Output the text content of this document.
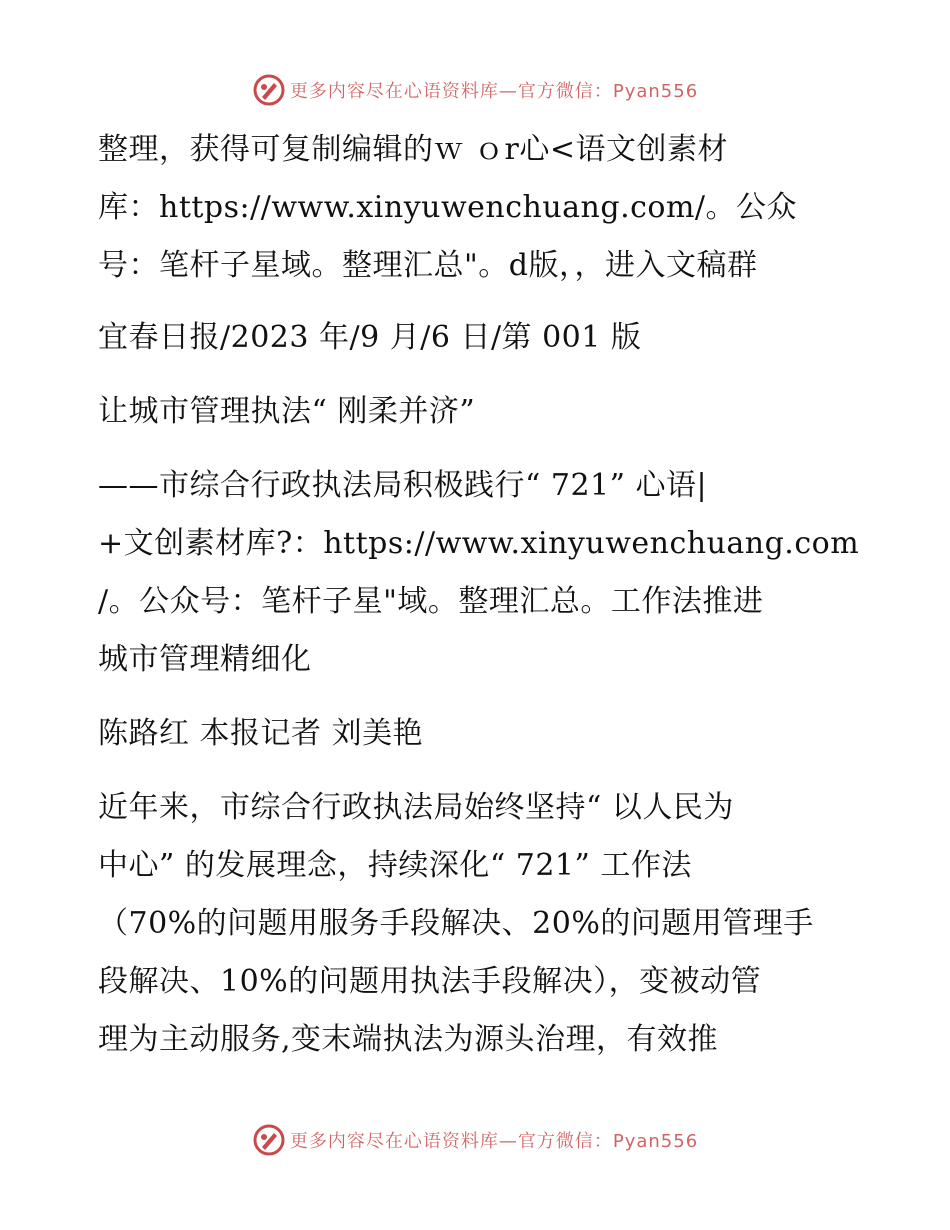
更多内容尽在心语资料库—官方微信：Pyan556
整理，获得可复制编辑的ｗ ｏr心<语文创素材
库：https://www.xinyuwenchuang.com/。公众
号：笔杆子星域。整理汇总"。d版，，进入文稿群
宜春日报/2023 年/9 月/6 日/第 001 版
让城市管理执法“ 刚柔并济”
——市综合行政执法局积极践行“ 721” 心语|
+文创素材库?：https://www.xinyuwenchuang.com
/。公众号：笔杆子星"域。整理汇总。工作法推进
城市管理精细化
陈路红 本报记者 刘美艳
近年来，市综合行政执法局始终坚持“ 以人民为
中心” 的发展理念，持续深化“ 721” 工作法
（70%的问题用服务手段解决、20%的问题用管理手
段解决、10%的问题用执法手段解决），变被动管
理为主动服务,变末端执法为源头治理，有效推
更多内容尽在心语资料库—官方微信：Pyan556
